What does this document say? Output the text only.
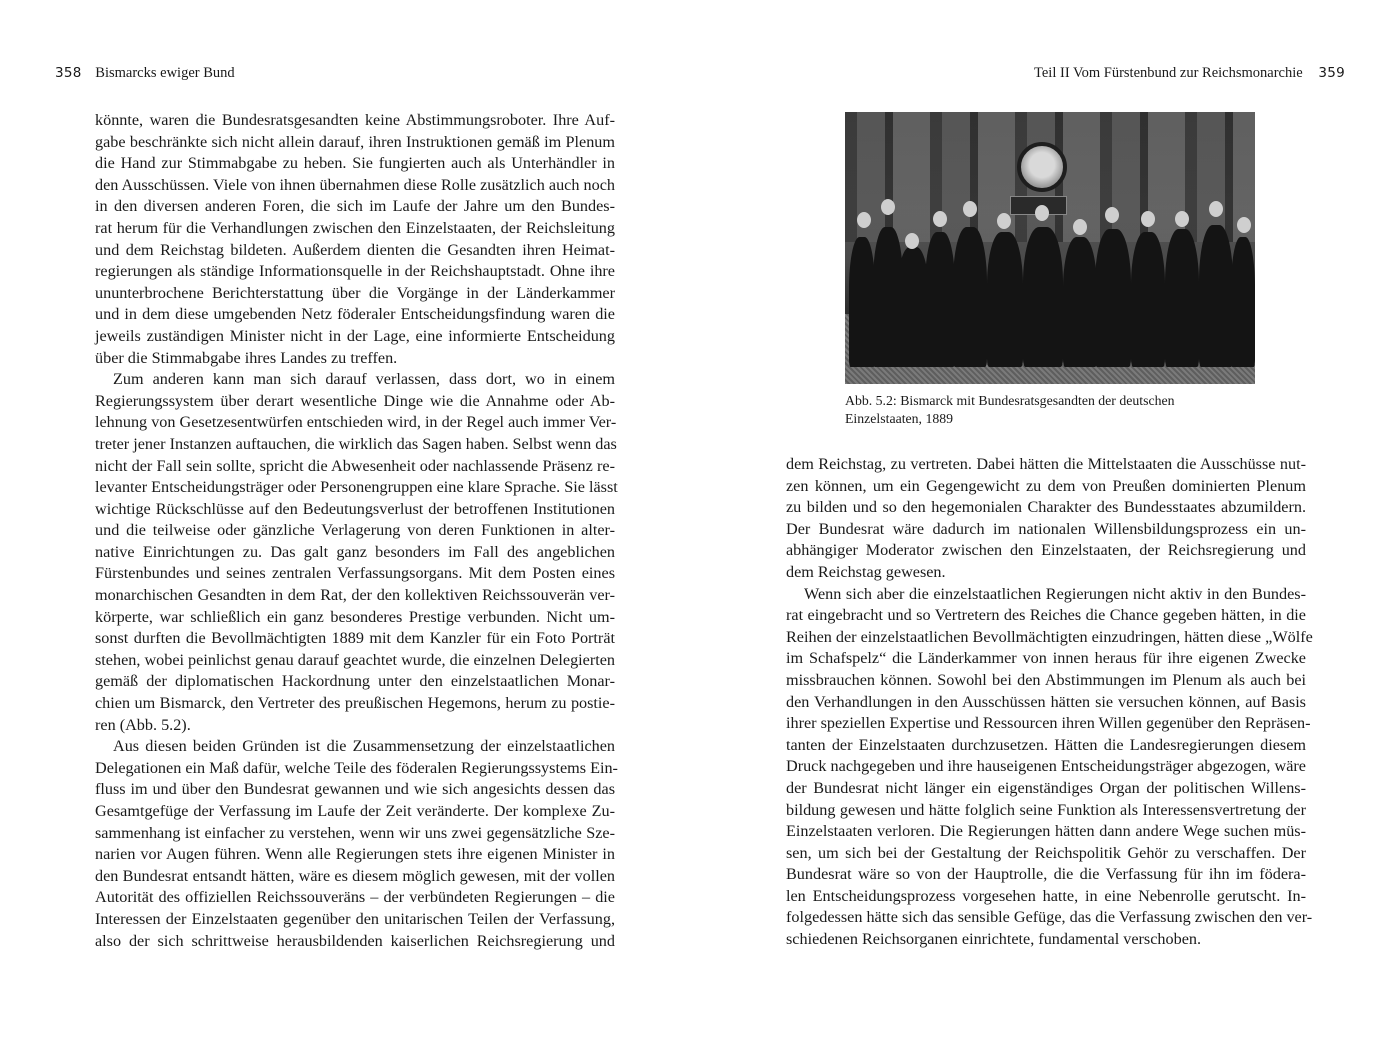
358 Bismarcks ewiger Bund
könnte, waren die Bundesratsgesandten keine Abstimmungsroboter. Ihre Auf-
gabe beschränkte sich nicht allein darauf, ihren Instruktionen gemäß im Plenum
die Hand zur Stimmabgabe zu heben. Sie fungierten auch als Unterhändler in
den Ausschüssen. Viele von ihnen übernahmen diese Rolle zusätzlich auch noch
in den diversen anderen Foren, die sich im Laufe der Jahre um den Bundes-
rat herum für die Verhandlungen zwischen den Einzelstaaten, der Reichsleitung
und dem Reichstag bildeten. Außerdem dienten die Gesandten ihren Heimat-
regierungen als ständige Informationsquelle in der Reichshauptstadt. Ohne ihre
ununterbrochene Berichterstattung über die Vorgänge in der Länderkammer
und in dem diese umgebenden Netz föderaler Entscheidungsfindung waren die
jeweils zuständigen Minister nicht in der Lage, eine informierte Entscheidung
über die Stimmabgabe ihres Landes zu treffen.
Zum anderen kann man sich darauf verlassen, dass dort, wo in einem
Regierungssystem über derart wesentliche Dinge wie die Annahme oder Ab-
lehnung von Gesetzesentwürfen entschieden wird, in der Regel auch immer Ver-
treter jener Instanzen auftauchen, die wirklich das Sagen haben. Selbst wenn das
nicht der Fall sein sollte, spricht die Abwesenheit oder nachlassende Präsenz re-
levanter Entscheidungsträger oder Personengruppen eine klare Sprache. Sie lässt
wichtige Rückschlüsse auf den Bedeutungsverlust der betroffenen Institutionen
und die teilweise oder gänzliche Verlagerung von deren Funktionen in alter-
native Einrichtungen zu. Das galt ganz besonders im Fall des angeblichen
Fürstenbundes und seines zentralen Verfassungsorgans. Mit dem Posten eines
monarchischen Gesandten in dem Rat, der den kollektiven Reichssouverän ver-
körperte, war schließlich ein ganz besonderes Prestige verbunden. Nicht um-
sonst durften die Bevollmächtigten 1889 mit dem Kanzler für ein Foto Porträt
stehen, wobei peinlichst genau darauf geachtet wurde, die einzelnen Delegierten
gemäß der diplomatischen Hackordnung unter den einzelstaatlichen Monar-
chien um Bismarck, den Vertreter des preußischen Hegemons, herum zu postie-
ren (Abb. 5.2).
Aus diesen beiden Gründen ist die Zusammensetzung der einzelstaatlichen
Delegationen ein Maß dafür, welche Teile des föderalen Regierungssystems Ein-
fluss im und über den Bundesrat gewannen und wie sich angesichts dessen das
Gesamtgefüge der Verfassung im Laufe der Zeit veränderte. Der komplexe Zu-
sammenhang ist einfacher zu verstehen, wenn wir uns zwei gegensätzliche Sze-
narien vor Augen führen. Wenn alle Regierungen stets ihre eigenen Minister in
den Bundesrat entsandt hätten, wäre es diesem möglich gewesen, mit der vollen
Autorität des offiziellen Reichssouveräns – der verbündeten Regierungen – die
Interessen der Einzelstaaten gegenüber den unitarischen Teilen der Verfassung,
also der sich schrittweise herausbildenden kaiserlichen Reichsregierung und
Teil II Vom Fürstenbund zur Reichsmonarchie 359
Abb. 5.2: Bismarck mit Bundesratsgesandten der deutschen
Einzelstaaten, 1889
dem Reichstag, zu vertreten. Dabei hätten die Mittelstaaten die Ausschüsse nut-
zen können, um ein Gegengewicht zu dem von Preußen dominierten Plenum
zu bilden und so den hegemonialen Charakter des Bundesstaates abzumildern.
Der Bundesrat wäre dadurch im nationalen Willensbildungsprozess ein un-
abhängiger Moderator zwischen den Einzelstaaten, der Reichsregierung und
dem Reichstag gewesen.
Wenn sich aber die einzelstaatlichen Regierungen nicht aktiv in den Bundes-
rat eingebracht und so Vertretern des Reiches die Chance gegeben hätten, in die
Reihen der einzelstaatlichen Bevollmächtigten einzudringen, hätten diese „Wölfe
im Schafspelz“ die Länderkammer von innen heraus für ihre eigenen Zwecke
missbrauchen können. Sowohl bei den Abstimmungen im Plenum als auch bei
den Verhandlungen in den Ausschüssen hätten sie versuchen können, auf Basis
ihrer speziellen Expertise und Ressourcen ihren Willen gegenüber den Repräsen-
tanten der Einzelstaaten durchzusetzen. Hätten die Landesregierungen diesem
Druck nachgegeben und ihre hauseigenen Entscheidungsträger abgezogen, wäre
der Bundesrat nicht länger ein eigenständiges Organ der politischen Willens-
bildung gewesen und hätte folglich seine Funktion als Interessensvertretung der
Einzelstaaten verloren. Die Regierungen hätten dann andere Wege suchen müs-
sen, um sich bei der Gestaltung der Reichspolitik Gehör zu verschaffen. Der
Bundesrat wäre so von der Hauptrolle, die die Verfassung für ihn im födera-
len Entscheidungsprozess vorgesehen hatte, in eine Nebenrolle gerutscht. In-
folgedessen hätte sich das sensible Gefüge, das die Verfassung zwischen den ver-
schiedenen Reichsorganen einrichtete, fundamental verschoben.
